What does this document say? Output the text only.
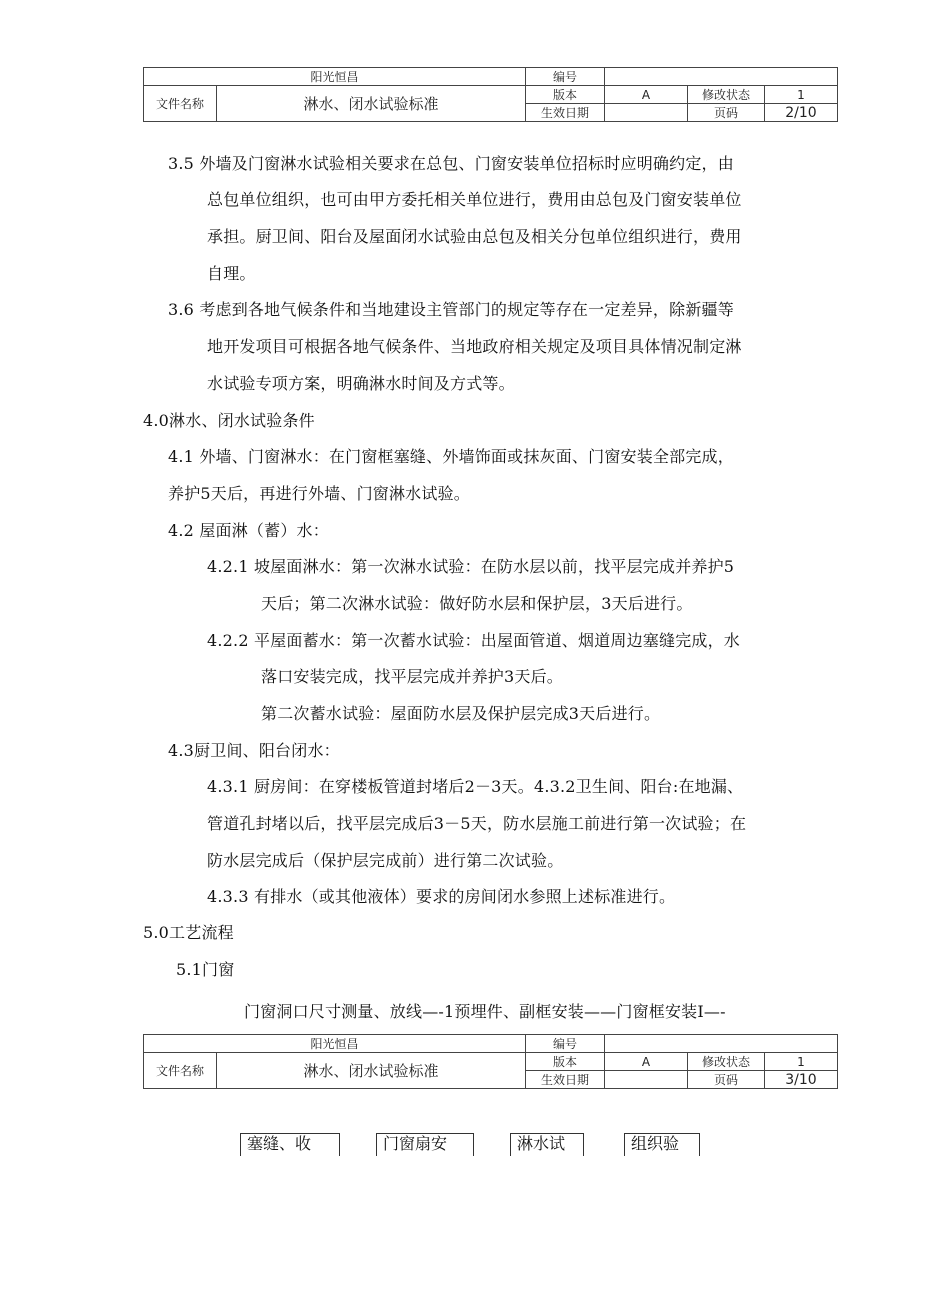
阳光恒昌		编号			
文件名称	淋水、闭水试验标准	版本	A	修改状态	1
		生效日期		页码	2/10
3.5 外墙及门窗淋水试验相关要求在总包、门窗安装单位招标时应明确约定，由
总包单位组织，也可由甲方委托相关单位进行，费用由总包及门窗安装单位
承担。厨卫间、阳台及屋面闭水试验由总包及相关分包单位组织进行，费用
自理。
3.6 考虑到各地气候条件和当地建设主管部门的规定等存在一定差异，除新疆等
地开发项目可根据各地气候条件、当地政府相关规定及项目具体情况制定淋
水试验专项方案，明确淋水时间及方式等。
4.0淋水、闭水试验条件
4.1 外墙、门窗淋水：在门窗框塞缝、外墙饰面或抹灰面、门窗安装全部完成，
养护5天后，再进行外墙、门窗淋水试验。
4.2 屋面淋（蓄）水：
4.2.1 坡屋面淋水：第一次淋水试验：在防水层以前，找平层完成并养护5
天后；第二次淋水试验：做好防水层和保护层，3天后进行。
4.2.2 平屋面蓄水：第一次蓄水试验：出屋面管道、烟道周边塞缝完成，水
落口安装完成，找平层完成并养护3天后。
第二次蓄水试验：屋面防水层及保护层完成3天后进行。
4.3厨卫间、阳台闭水：
4.3.1 厨房间：在穿楼板管道封堵后2－3天。4.3.2卫生间、阳台:在地漏、
管道孔封堵以后，找平层完成后3－5天，防水层施工前进行第一次试验；在
防水层完成后（保护层完成前）进行第二次试验。
4.3.3 有排水（或其他液体）要求的房间闭水参照上述标准进行。
5.0工艺流程
5.1门窗
门窗洞口尺寸测量、放线—-1预埋件、副框安装——门窗框安装I—-
阳光恒昌		编号			
文件名称	淋水、闭水试验标准	版本	A	修改状态	1
		生效日期		页码	3/10
塞缝、收	门窗扇安	淋水试	组织验
